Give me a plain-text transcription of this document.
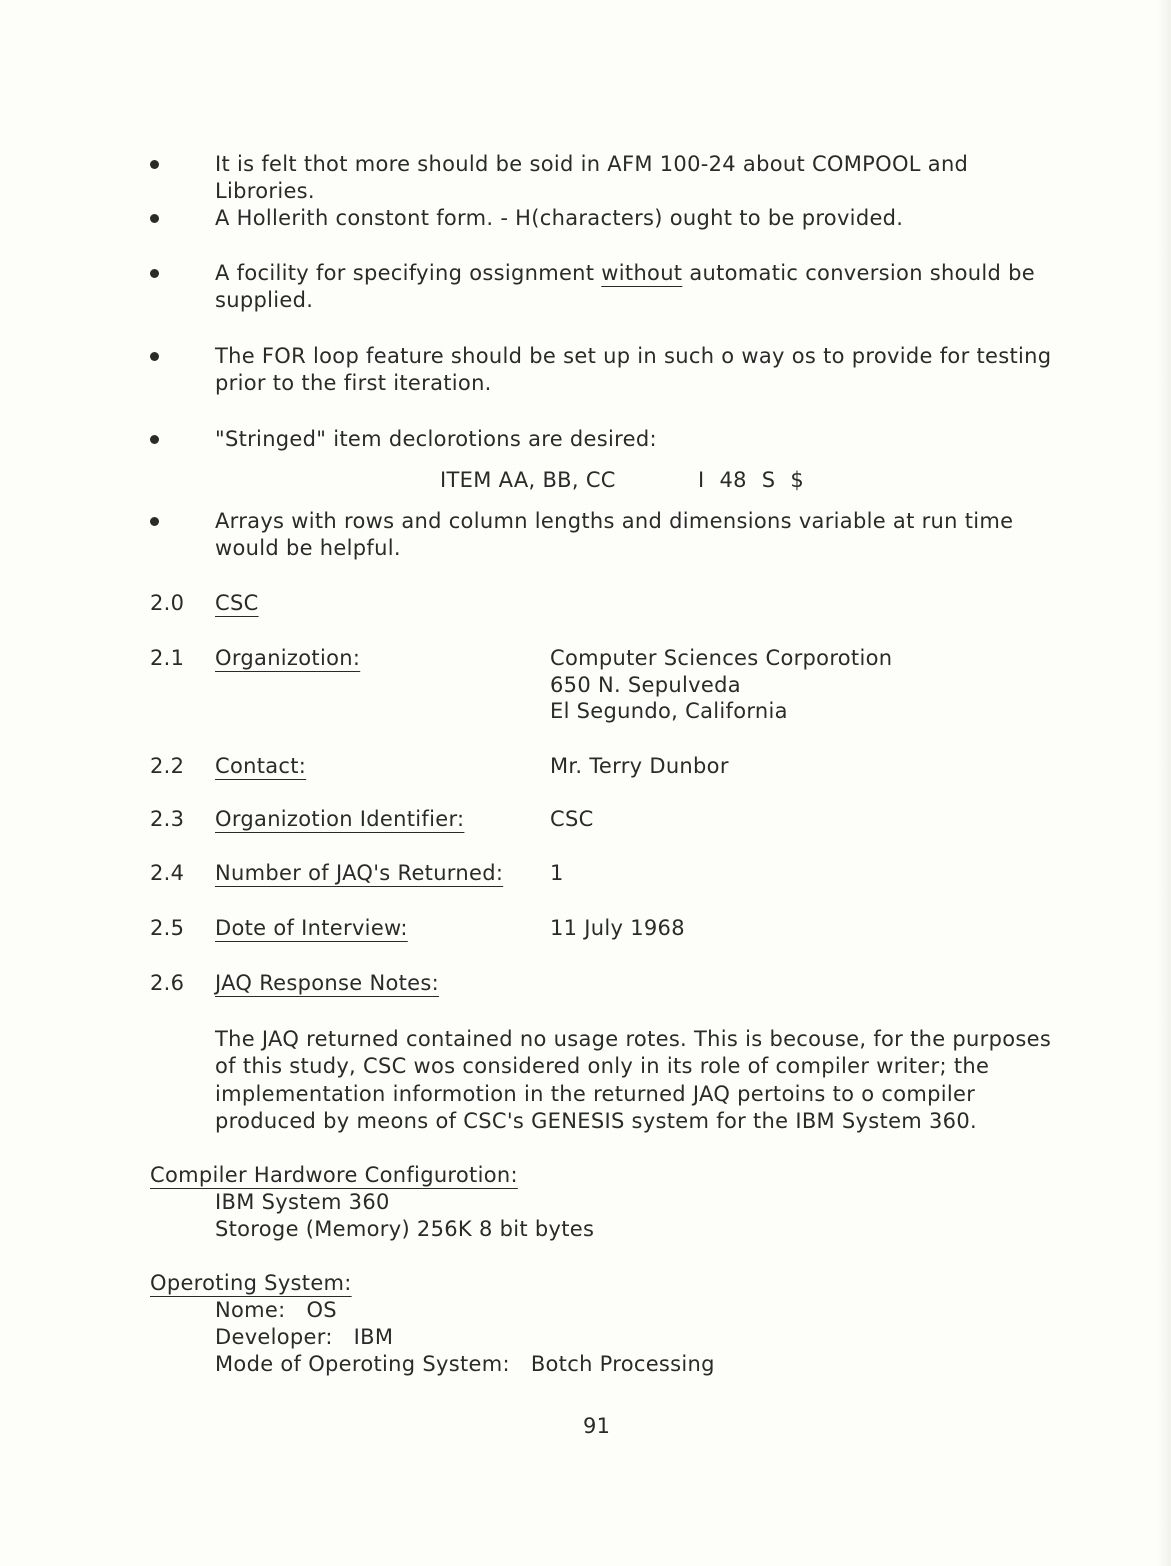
It is felt thot more should be soid in AFM 100-24 about COMPOOL and Librories.
A Hollerith constont form. - H(characters) ought to be provided.
A focility for specifying ossignment without automatic conversion should be supplied.
The FOR loop feature should be set up in such o way os to provide for testing prior to the first iteration.
"Stringed" item declorotions are desired:
ITEM AA, BB, CC	I 48 S $
Arrays with rows and column lengths and dimensions variable at run time would be helpful.
2.0 CSC
2.1 Organizotion:	Computer Sciences Corporotion
650 N. Sepulveda
El Segundo, California
2.2 Contact:	Mr. Terry Dunbor
2.3 Organizotion Identifier:	CSC
2.4 Number of JAQ's Returned: 1
2.5 Dote of Interview:	11 July 1968
2.6 JAQ Response Notes:
The JAQ returned contained no usage rotes. This is becouse, for the purposes of this study, CSC wos considered only in its role of compiler writer; the implementation informotion in the returned JAQ pertoins to o compiler produced by meons of CSC's GENESIS system for the IBM System 360.
Compiler Hardwore Configurotion:
IBM System 360
Storoge (Memory) 256K 8 bit bytes
Operoting System:
Nome: OS
Developer: IBM
Mode of Operoting System: Botch Processing
91
